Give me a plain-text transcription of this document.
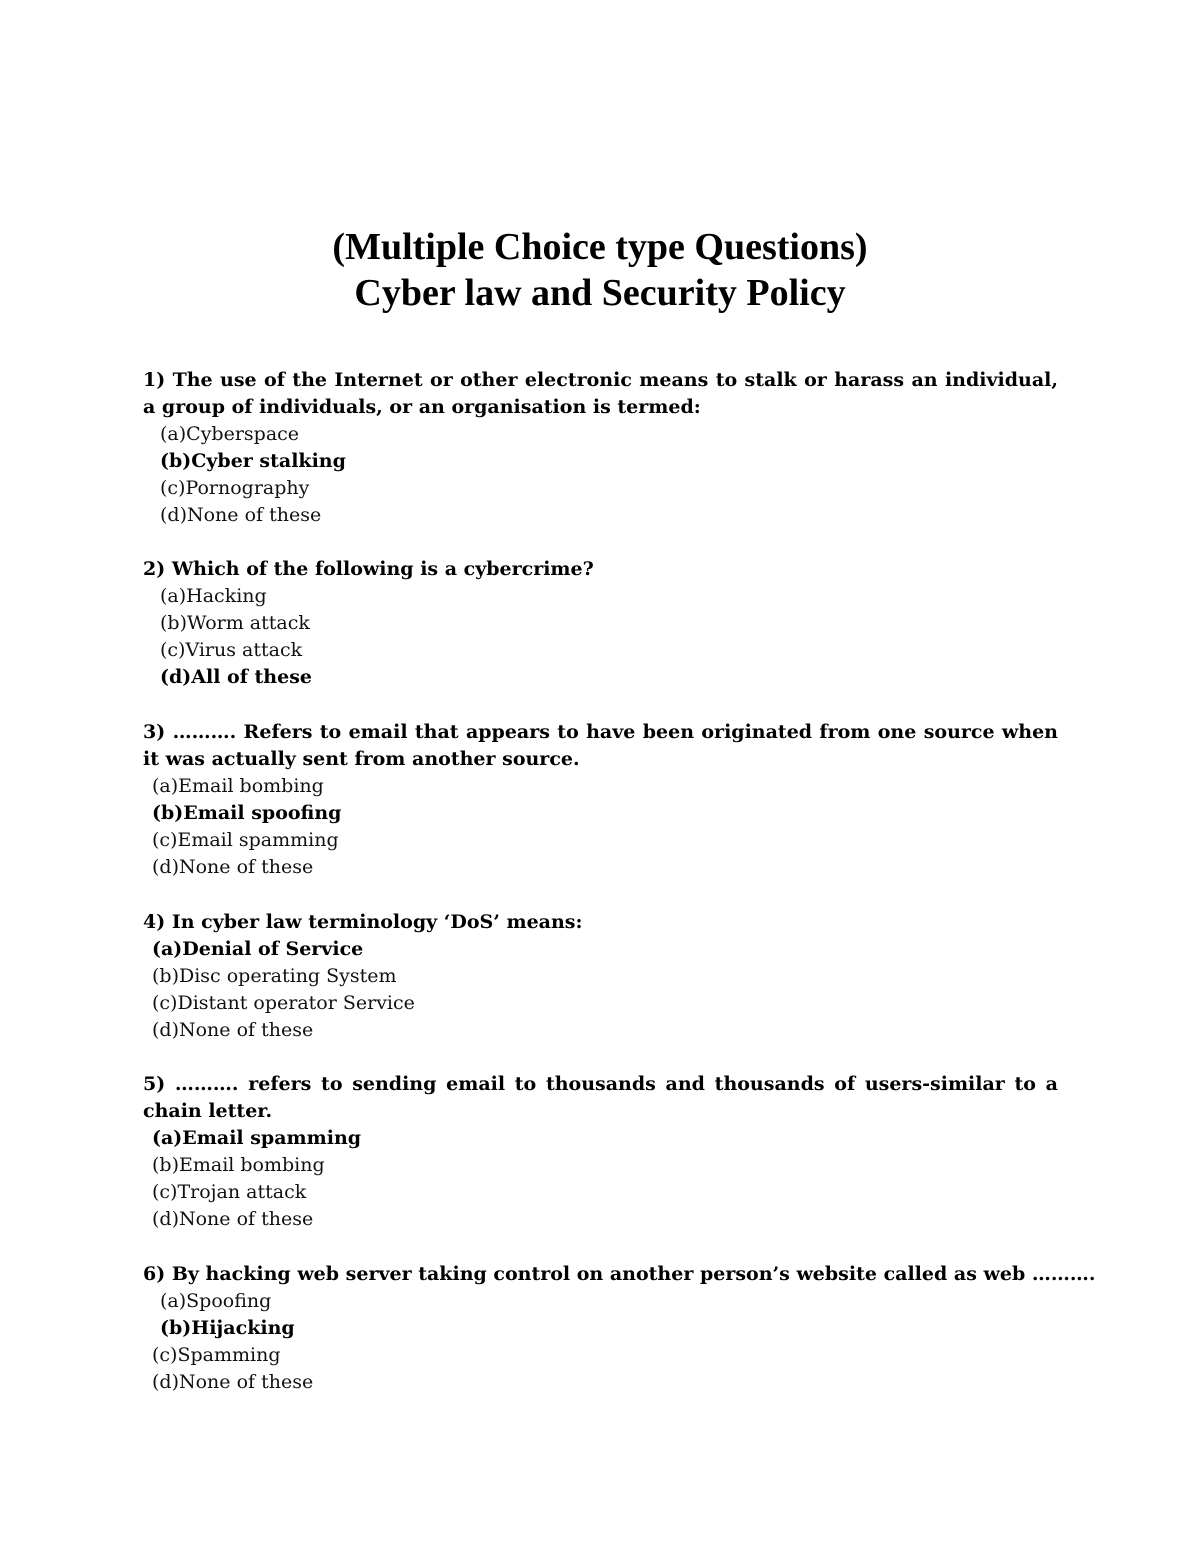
(Multiple Choice type Questions)
Cyber law and Security Policy

1) The use of the Internet or other electronic means to stalk or harass an individual, a group of individuals, or an organisation is termed:

(a)Cyberspace

(b)Cyber stalking

(c)Pornography

(d)None of these

2) Which of the following is a cybercrime?

(a)Hacking

(b)Worm attack

(c)Virus attack

(d)All of these

3) ………. Refers to email that appears to have been originated from one source when it was actually sent from another source.

(a)Email bombing

(b)Email spoofing

(c)Email spamming

(d)None of these

4) In cyber law terminology ‘DoS’ means:

(a)Denial of Service

(b)Disc operating System

(c)Distant operator Service

(d)None of these

5) ………. refers to sending email to thousands and thousands of users-similar to a chain letter.

(a)Email spamming

(b)Email bombing

(c)Trojan attack

(d)None of these

6) By hacking web server taking control on another person’s website called as web ……….

(a)Spoofing

(b)Hijacking

(c)Spamming

(d)None of these
